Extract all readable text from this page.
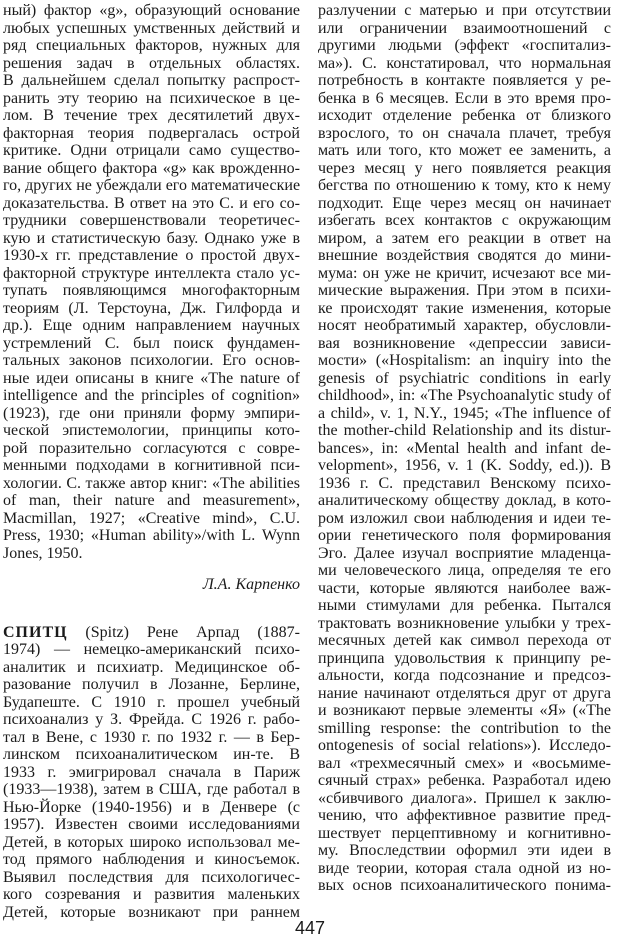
ный) фактор «g», образующий основание
любых успешных умственных действий и
ряд специальных факторов, нужных для
решения задач в отдельных областях.
В дальнейшем сделал попытку распрост-
ранить эту теорию на психическое в це-
лом. В течение трех десятилетий двух-
факторная теория подвергалась острой
критике. Одни отрицали само существо-
вание общего фактора «g» как врожденно-
го, других не убеждали его математические
доказательства. В ответ на это С. и его со-
трудники совершенствовали теоретичес-
кую и статистическую базу. Однако уже в
1930-х гг. представление о простой двух-
факторной структуре интеллекта стало ус-
тупать появляющимся многофакторным
теориям (Л. Терстоуна, Дж. Гилфорда и
др.). Еще одним направлением научных
устремлений С. был поиск фундамен-
тальных законов психологии. Его основ-
ные идеи описаны в книге «The nature of
intelligence and the principles of cognition»
(1923), где они приняли форму эмпири-
ческой эпистемологии, принципы кото-
рой поразительно согласуются с совре-
менными подходами в когнитивной пси-
хологии. С. также автор книг: «The abilities
of man, their nature and measurement»,
Macmillan, 1927; «Creative mind», C.U.
Press, 1930; «Human ability»/with L. Wynn
Jones, 1950.
Л.А. Карпенко
СПИТЦ (Spitz) Рене Арпад (1887-
1974) — немецко-американский психо-
аналитик и психиатр. Медицинское об-
разование получил в Лозанне, Берлине,
Будапеште. С 1910 г. прошел учебный
психоанализ у З. Фрейда. С 1926 г. рабо-
тал в Вене, с 1930 г. по 1932 г. — в Бер-
линском психоаналитическом ин-те. В
1933 г. эмигрировал сначала в Париж
(1933—1938), затем в США, где работал в
Нью-Йорке (1940-1956) и в Денвере (с
1957). Известен своими исследованиями
Детей, в которых широко использовал ме-
тод прямого наблюдения и киносъемок.
Выявил последствия для психологичес-
кого созревания и развития маленьких
Детей, которые возникают при раннем
разлучении с матерью и при отсутствии
или ограничении взаимоотношений с
другими людьми (эффект «госпитализ-
ма»). С. констатировал, что нормальная
потребность в контакте появляется у ре-
бенка в 6 месяцев. Если в это время про-
исходит отделение ребенка от близкого
взрослого, то он сначала плачет, требуя
мать или того, кто может ее заменить, а
через месяц у него появляется реакция
бегства по отношению к тому, кто к нему
подходит. Еще через месяц он начинает
избегать всех контактов с окружающим
миром, а затем его реакции в ответ на
внешние воздействия сводятся до мини-
мума: он уже не кричит, исчезают все ми-
мические выражения. При этом в психи-
ке происходят такие изменения, которые
носят необратимый характер, обусловли-
вая возникновение «депрессии зависи-
мости» («Hospitalism: an inquiry into the
genesis of psychiatric conditions in early
childhood», in: «The Psychoanalytic study of
a child», v. 1, N.Y., 1945; «The influence of
the mother-child Relationship and its distur-
bances», in: «Mental health and infant de-
velopment», 1956, v. 1 (K. Soddy, ed.)). В
1936 г. С. представил Венскому психо-
аналитическому обществу доклад, в кото-
ром изложил свои наблюдения и идеи те-
ории генетического поля формирования
Эго. Далее изучал восприятие младенца-
ми человеческого лица, определяя те его
части, которые являются наиболее важ-
ными стимулами для ребенка. Пытался
трактовать возникновение улыбки у трех-
месячных детей как символ перехода от
принципа удовольствия к принципу ре-
альности, когда подсознание и предсоз-
нание начинают отделяться друг от друга
и возникают первые элементы «Я» («The
smilling response: the contribution to the
ontogenesis of social relations»). Исследо-
вал «трехмесячный смех» и «восьмиме-
сячный страх» ребенка. Разработал идею
«сбивчивого диалога». Пришел к заклю-
чению, что аффективное развитие пред-
шествует перцептивному и когнитивно-
му. Впоследствии оформил эти идеи в
виде теории, которая стала одной из но-
вых основ психоаналитического понима-
447
